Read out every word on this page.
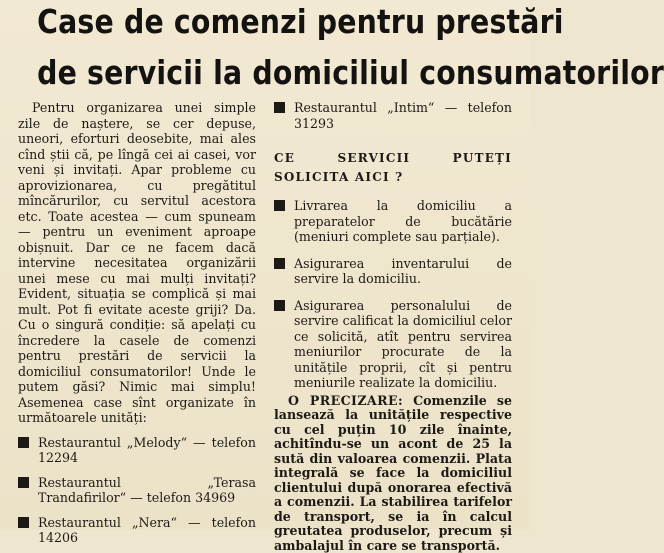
Case de comenzi pentru prestări
de servicii la domiciliul consumatorilor

Pentru organizarea unei simple zile de naștere, se cer depuse, uneori, eforturi deosebite, mai ales cînd știi că, pe lîngă cei ai casei, vor veni și invitați. Apar probleme cu aprovizionarea, cu pregătitul mîncărurilor, cu servitul acestora etc. Toate acestea — cum spuneam — pentru un eveniment aproape obișnuit. Dar ce ne facem dacă intervine necesitatea organizării unei mese cu mai mulți invitați? Evident, situația se complică și mai mult. Pot fi evitate aceste griji? Da. Cu o singură condiție: să apelați cu încredere la casele de comenzi pentru prestări de servicii la domiciliul consumatorilor! Unde le putem găsi? Nimic mai simplu! Asemenea case sînt organizate în următoarele unități:

Restaurantul „Melody“ — telefon 12294
Restaurantul „Terasa Trandafirilor“ — telefon 34969
Restaurantul „Nera“ — telefon 14206
Restaurantul „Intim“ — telefon 31293
CE SERVICII PUTEȚI SOLICITA AICI ?
Livrarea la domiciliu a preparatelor de bucătărie (meniuri complete sau parțiale).
Asigurarea inventarului de servire la domiciliu.
Asigurarea personalului de servire calificat la domiciliul celor ce solicită, atît pentru servirea meniurilor procurate de la unitățile proprii, cît și pentru meniurile realizate la domiciliu.

O PRECIZARE: Comenzile se lansează la unitățile respective cu cel puțin 10 zile înainte, achitîndu-se un acont de 25 la sută din valoarea comenzii. Plata integrală se face la domiciliul clientului după onorarea efectivă a comenzii. La stabilirea tarifelor de transport, se ia în calcul greutatea produselor, precum și ambalajul în care se transportă.
